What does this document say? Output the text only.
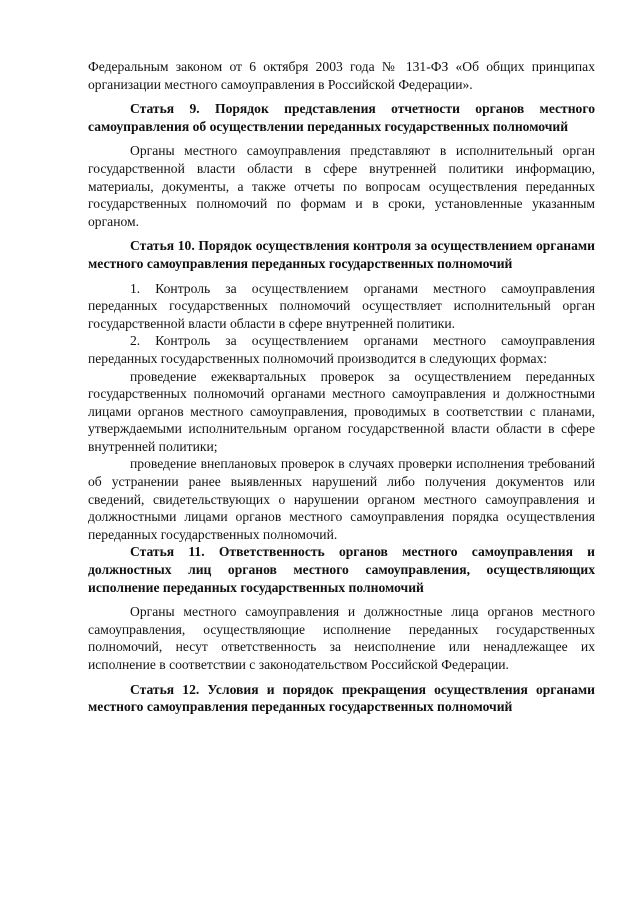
Федеральным законом от 6 октября 2003 года № 131-ФЗ «Об общих принципах организации местного самоуправления в Российской Федерации».

Статья 9. Порядок представления отчетности органов местного самоуправления об осуществлении переданных государственных полномочий

Органы местного самоуправления представляют в исполнительный орган государственной власти области в сфере внутренней политики информацию, материалы, документы, а также отчеты по вопросам осуществления переданных государственных полномочий по формам и в сроки, установленные указанным органом.

Статья 10. Порядок осуществления контроля за осуществлением органами местного самоуправления переданных государственных полномочий

1. Контроль за осуществлением органами местного самоуправления переданных государственных полномочий осуществляет исполнительный орган государственной власти области в сфере внутренней политики.

2. Контроль за осуществлением органами местного самоуправления переданных государственных полномочий производится в следующих формах:

проведение ежеквартальных проверок за осуществлением переданных государственных полномочий органами местного самоуправления и должностными лицами органов местного самоуправления, проводимых в соответствии с планами, утверждаемыми исполнительным органом государственной власти области в сфере внутренней политики;

проведение внеплановых проверок в случаях проверки исполнения требований об устранении ранее выявленных нарушений либо получения документов или сведений, свидетельствующих о нарушении органом местного самоуправления и должностными лицами органов местного самоуправления порядка осуществления переданных государственных полномочий.

Статья 11. Ответственность органов местного самоуправления и должностных лиц органов местного самоуправления, осуществляющих исполнение переданных государственных полномочий

Органы местного самоуправления и должностные лица органов местного самоуправления, осуществляющие исполнение переданных государственных полномочий, несут ответственность за неисполнение или ненадлежащее их исполнение в соответствии с законодательством Российской Федерации.

Статья 12. Условия и порядок прекращения осуществления органами местного самоуправления переданных государственных полномочий
